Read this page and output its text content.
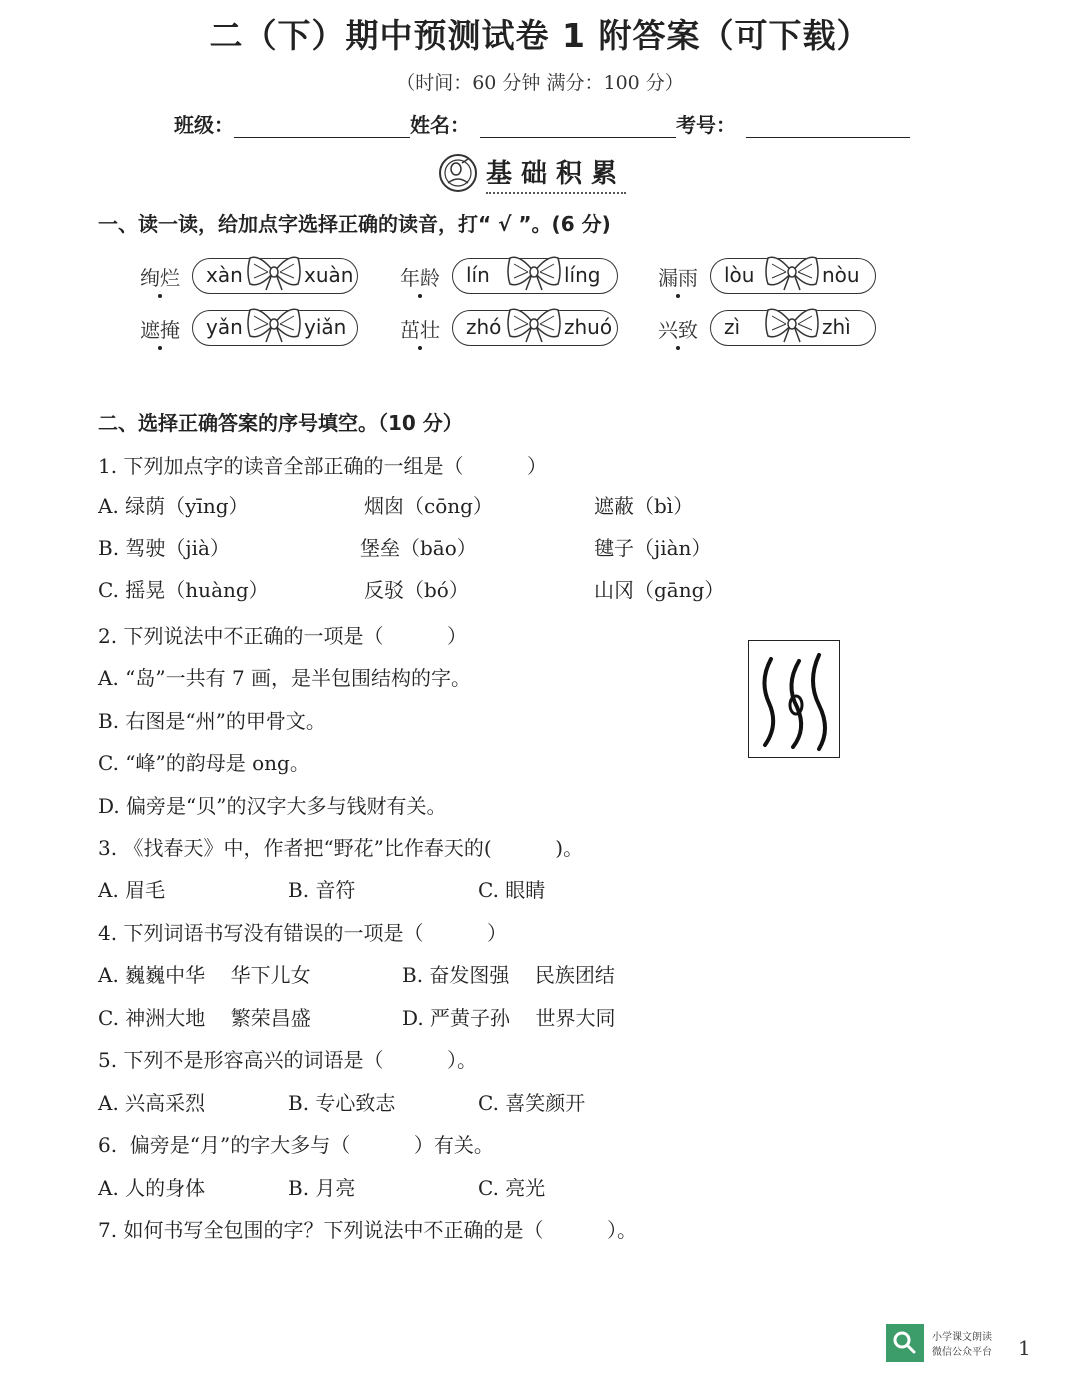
二（下）期中预测试卷 1 附答案（可下载）
（时间：60 分钟 满分：100 分）
班级：	姓名：	考号：
基础积累
一、读一读，给加点字选择正确的读音，打“ √ ”。(6 分)
绚烂 xàn	xuàn 年龄 lín	líng	漏雨 lòu	nòu
遮掩 yǎn	yiǎn	茁壮 zhó	zhuó 兴致 zì	zhì
二、选择正确答案的序号填空。（10 分）
1. 下列加点字的读音全部正确的一组是（          ）
A. 绿荫（yīng）	烟囱（cōng）	遮蔽（bì）
B. 驾驶（jià）	堡垒（bāo）	毽子（jiàn）
C. 摇晃（huàng）	反驳（bó）	山冈（gāng）
2. 下列说法中不正确的一项是（          ）
A. “岛”一共有 7 画，是半包围结构的字。
B. 右图是“州”的甲骨文。
C. “峰”的韵母是 ong。
D. 偏旁是“贝”的汉字大多与钱财有关。
3. 《找春天》中，作者把“野花”比作春天的(          )。
A. 眉毛	B. 音符	C. 眼睛
4. 下列词语书写没有错误的一项是（          ）
A. 巍巍中华    华下儿女	B. 奋发图强    民族团结
C. 神洲大地    繁荣昌盛	D. 严黄子孙    世界大同
5. 下列不是形容高兴的词语是（          ）。
A. 兴高采烈	B. 专心致志	C. 喜笑颜开
6.  偏旁是“月”的字大多与（          ）有关。
A. 人的身体	B. 月亮	C. 亮光
7. 如何书写全包围的字？下列说法中不正确的是（          ）。
小学课文朗读
微信公众平台 1
